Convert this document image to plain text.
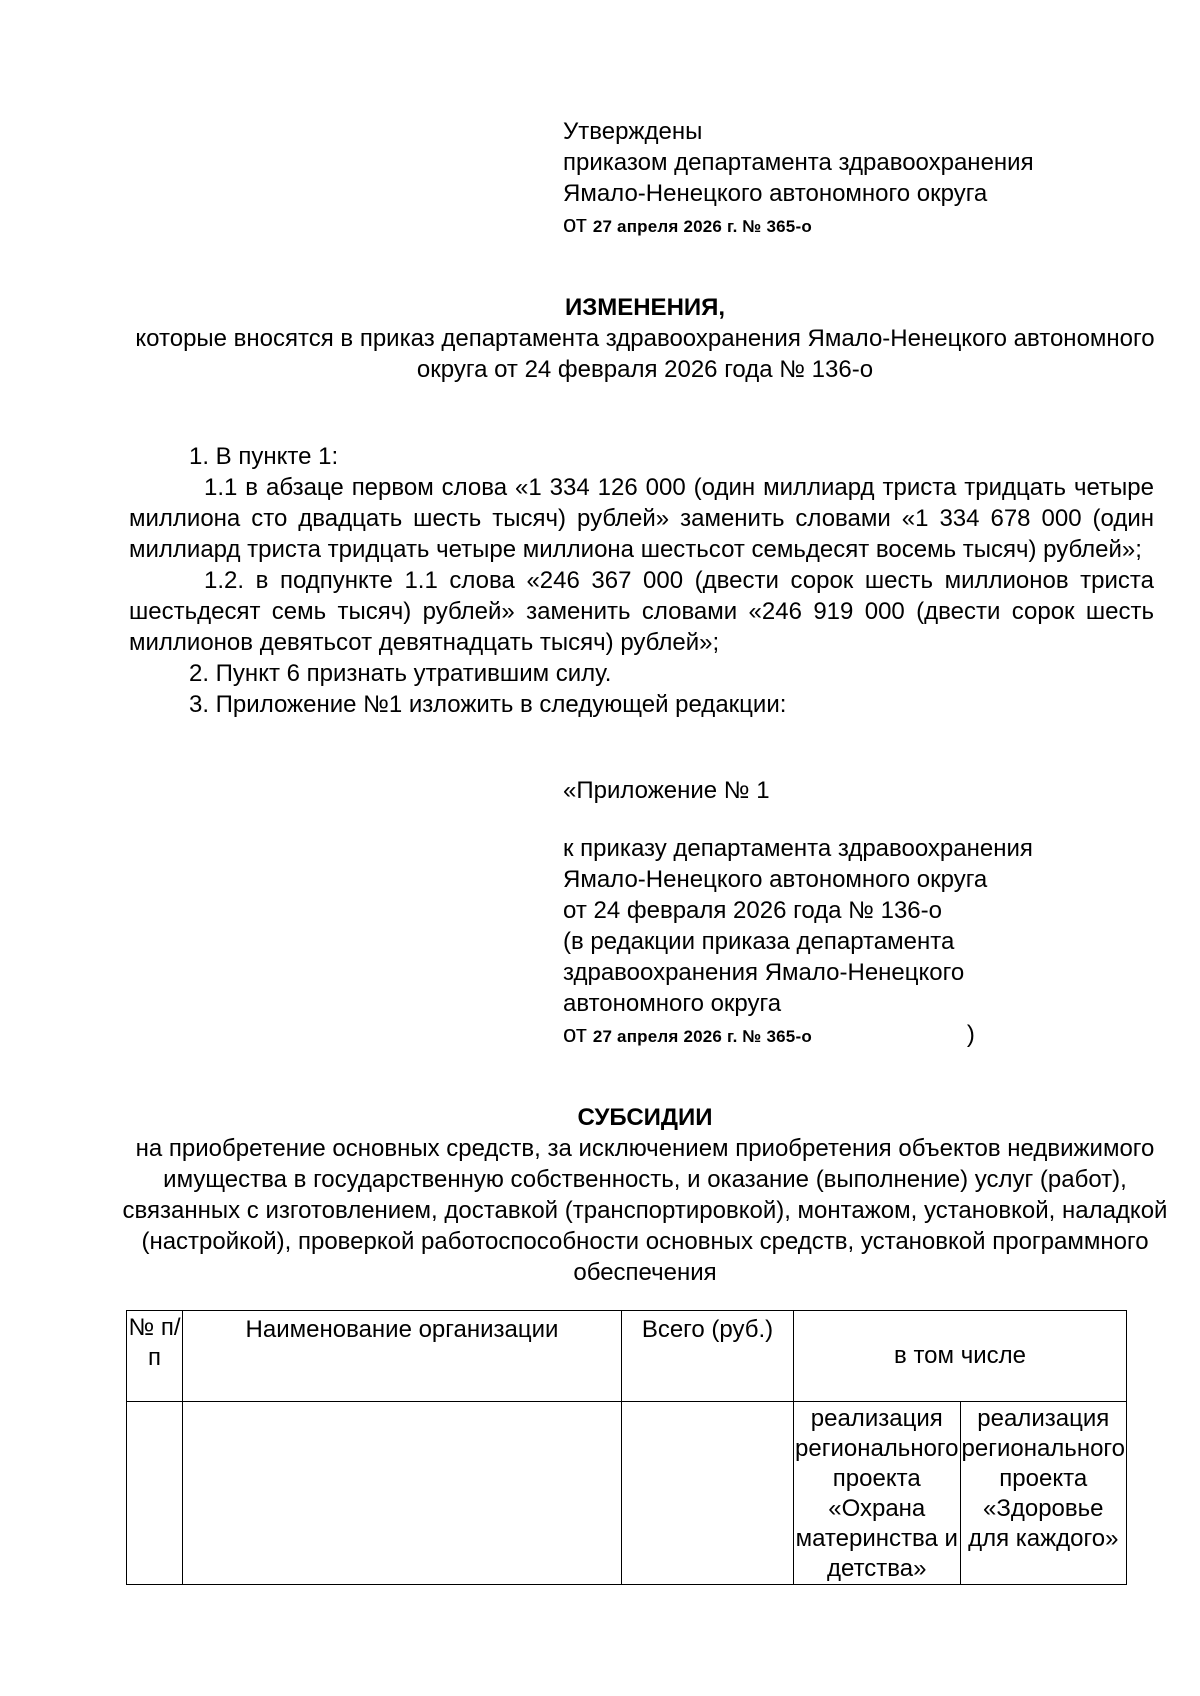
Утверждены
приказом департамента здравоохранения
Ямало-Ненецкого автономного округа
от 27 апреля 2026 г. № 365-о
ИЗМЕНЕНИЯ,
которые вносятся в приказ департамента здравоохранения Ямало-Ненецкого автономного округа от 24 февраля 2026 года № 136-о

1. В пункте 1:

1.1 в абзаце первом слова «1 334 126 000 (один миллиард триста тридцать четыре миллиона сто двадцать шесть тысяч) рублей» заменить словами «1 334 678 000 (один миллиард триста тридцать четыре миллиона шестьсот семьдесят восемь тысяч) рублей»;

1.2. в подпункте 1.1 слова «246 367 000 (двести сорок шесть миллионов триста шестьдесят семь тысяч) рублей» заменить словами «246 919 000 (двести сорок шесть миллионов девятьсот девятнадцать тысяч) рублей»;

2. Пункт 6 признать утратившим силу.

3. Приложение №1 изложить в следующей редакции:

«Приложение № 1
к приказу департамента здравоохранения
Ямало-Ненецкого автономного округа
от 24 февраля 2026 года № 136-о
(в редакции приказа департамента
здравоохранения Ямало-Ненецкого
автономного округа
от 27 апреля 2026 г. № 365-о	)
СУБСИДИИ
на приобретение основных средств, за исключением приобретения объектов недвижимого имущества в государственную собственность, и оказание (выполнение) услуг (работ), связанных с изготовлением, доставкой (транспортировкой), монтажом, установкой, наладкой (настройкой), проверкой работоспособности основных средств, установкой программного обеспечения
№ п/ п	Наименование организации	Всего (руб.)	в том числе	
			реализация регионального проекта «Охрана материнства и детства»	реализация регионального проекта «Здоровье для каждого»
